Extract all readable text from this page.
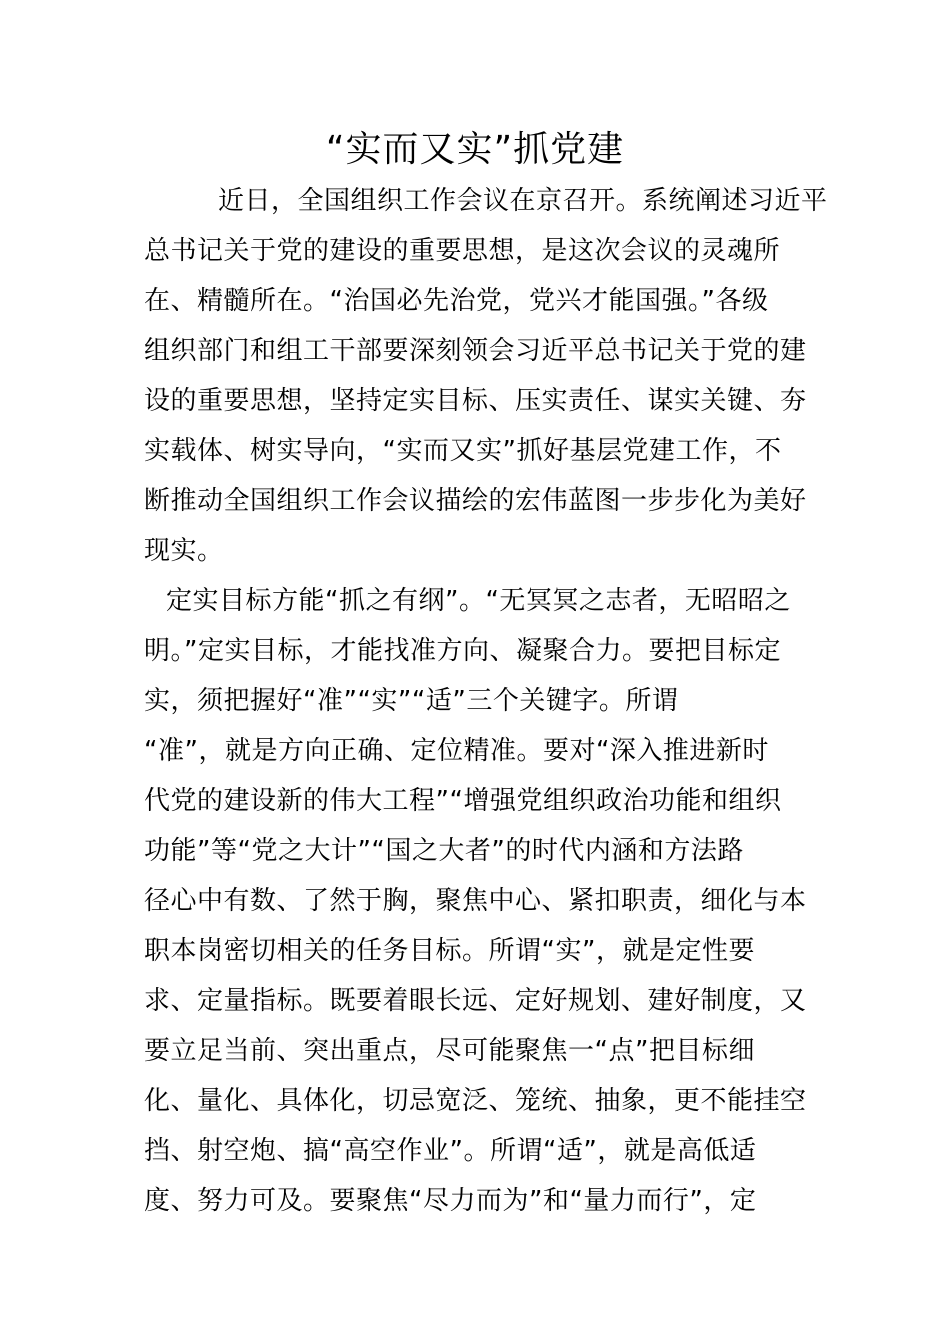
“实而又实”抓党建
近日，全国组织工作会议在京召开。系统阐述习近平
总书记关于党的建设的重要思想，是这次会议的灵魂所
在、精髓所在。“治国必先治党，党兴才能国强。”各级
组织部门和组工干部要深刻领会习近平总书记关于党的建
设的重要思想，坚持定实目标、压实责任、谋实关键、夯
实载体、树实导向，“实而又实”抓好基层党建工作，不
断推动全国组织工作会议描绘的宏伟蓝图一步步化为美好
现实。
定实目标方能“抓之有纲”。“无冥冥之志者，无昭昭之
明。”定实目标，才能找准方向、凝聚合力。要把目标定
实，须把握好“准”“实”“适”三个关键字。所谓
“准”，就是方向正确、定位精准。要对“深入推进新时
代党的建设新的伟大工程”“增强党组织政治功能和组织
功能”等“党之大计”“国之大者”的时代内涵和方法路
径心中有数、了然于胸，聚焦中心、紧扣职责，细化与本
职本岗密切相关的任务目标。所谓“实”，就是定性要
求、定量指标。既要着眼长远、定好规划、建好制度，又
要立足当前、突出重点，尽可能聚焦一“点”把目标细
化、量化、具体化，切忌宽泛、笼统、抽象，更不能挂空
挡、射空炮、搞“高空作业”。所谓“适”，就是高低适
度、努力可及。要聚焦“尽力而为”和“量力而行”，定
